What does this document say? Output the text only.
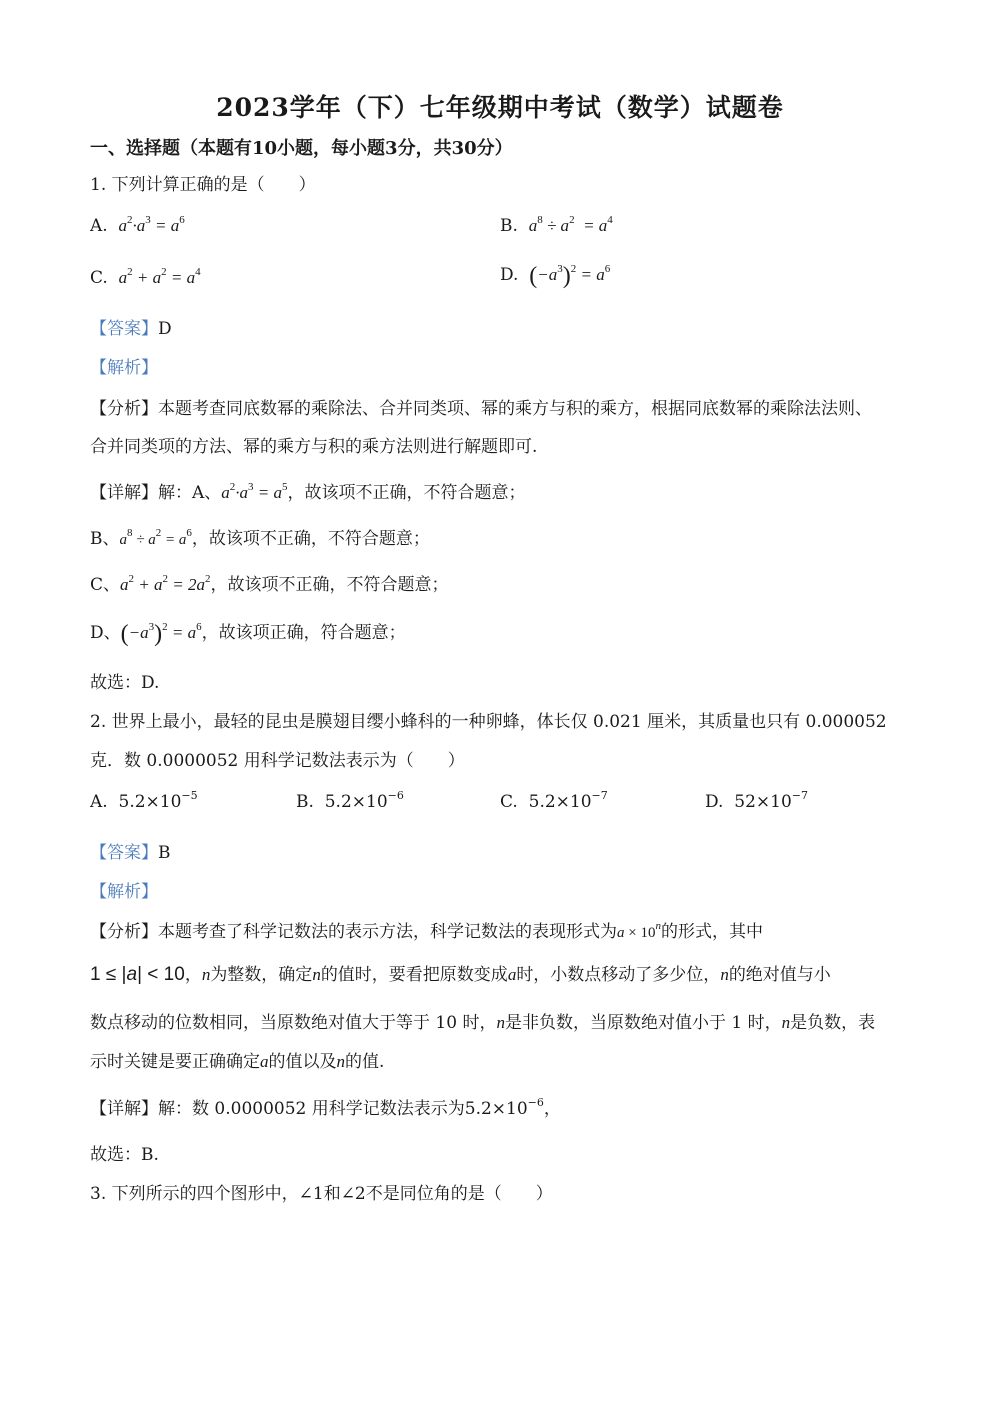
2023学年（下）七年级期中考试（数学）试题卷
一、选择题（本题有10小题，每小题3分，共30分）
1. 下列计算正确的是（　　）
A. $a^2\cdot a^3 = a^6$	B. $a^8 \div a^2 = a^4$
C. $a^2 + a^2 = a^4$	D. $(-a^3)^2 = a^6$
【答案】D
【解析】
【分析】本题考查同底数幂的乘除法、合并同类项、幂的乘方与积的乘方，根据同底数幂的乘除法法则、
合并同类项的方法、幂的乘方与积的乘方法则进行解题即可.
【详解】解：A、$a^2\cdot a^3 = a^5$，故该项不正确，不符合题意；
B、$a^8 \div a^2 = a^6$，故该项不正确，不符合题意；
C、$a^2 + a^2 = 2a^2$，故该项不正确，不符合题意；
D、$(-a^3)^2 = a^6$，故该项正确，符合题意；
故选：D.
2. 世界上最小，最轻的昆虫是膜翅目缨小蜂科的一种卵蜂，体长仅 0.021 厘米，其质量也只有 0.000052
克．数 0.0000052 用科学记数法表示为（　　）
A. $5.2\times 10^{-5}$	B. $5.2\times 10^{-6}$	C. $5.2\times 10^{-7}$	D. $52\times 10^{-7}$
【答案】B
【解析】
【分析】本题考查了科学记数法的表示方法，科学记数法的表现形式为$a \times 10^n$的形式，其中
1 ≤ |a| < 10，n为整数，确定n的值时，要看把原数变成a时，小数点移动了多少位，n的绝对值与小
数点移动的位数相同，当原数绝对值大于等于 10 时，n是非负数，当原数绝对值小于 1 时，n是负数，表
示时关键是要正确确定a的值以及n的值.
【详解】解：数 0.0000052 用科学记数法表示为$5.2\times 10^{-6}$，
故选：B.
3. 下列所示的四个图形中，∠1和∠2不是同位角的是（　　）
